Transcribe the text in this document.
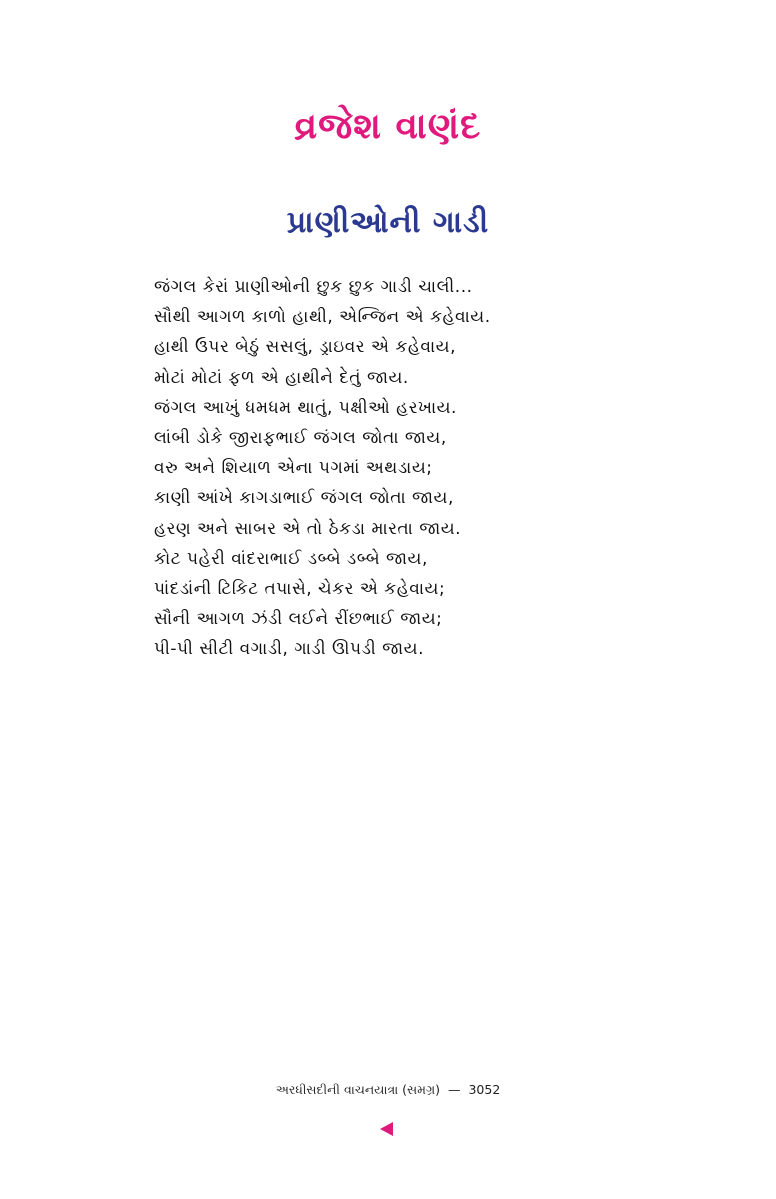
વ્રજેશ વાણંદ
પ્રાણીઓની ગાડી
જંગલ કેરાં પ્રાણીઓની છુક છુક ગાડી ચાલી...
સૌથી આગળ કાળો હાથી, એન્જિન એ કહેવાય.
હાથી ઉપર બેઠું સસલું, ડ્રાઇવર એ કહેવાય,
મોટાં મોટાં ફળ એ હાથીને દેતું જાય.
જંગલ આખું ધમધમ થાતું, પક્ષીઓ હરખાય.
લાંબી ડોકે જીરાફભાઈ જંગલ જોતા જાય,
વરુ અને શિયાળ એના પગમાં અથડાય;
કાણી આંખે કાગડાભાઈ જંગલ જોતા જાય,
હરણ અને સાબર એ તો ઠેકડા મારતા જાય.
કોટ પહેરી વાંદરાભાઈ ડબ્બે ડબ્બે જાય,
પાંદડાંની ટિકિટ તપાસે, ચેકર એ કહેવાય;
સૌની આગળ ઝંડી લઈને રીંછભાઈ જાય;
પી-પી સીટી વગાડી, ગાડી ઊપડી જાય.
અરધીસદીની વાચનયાત્રા (સમગ્ર) — 3052
